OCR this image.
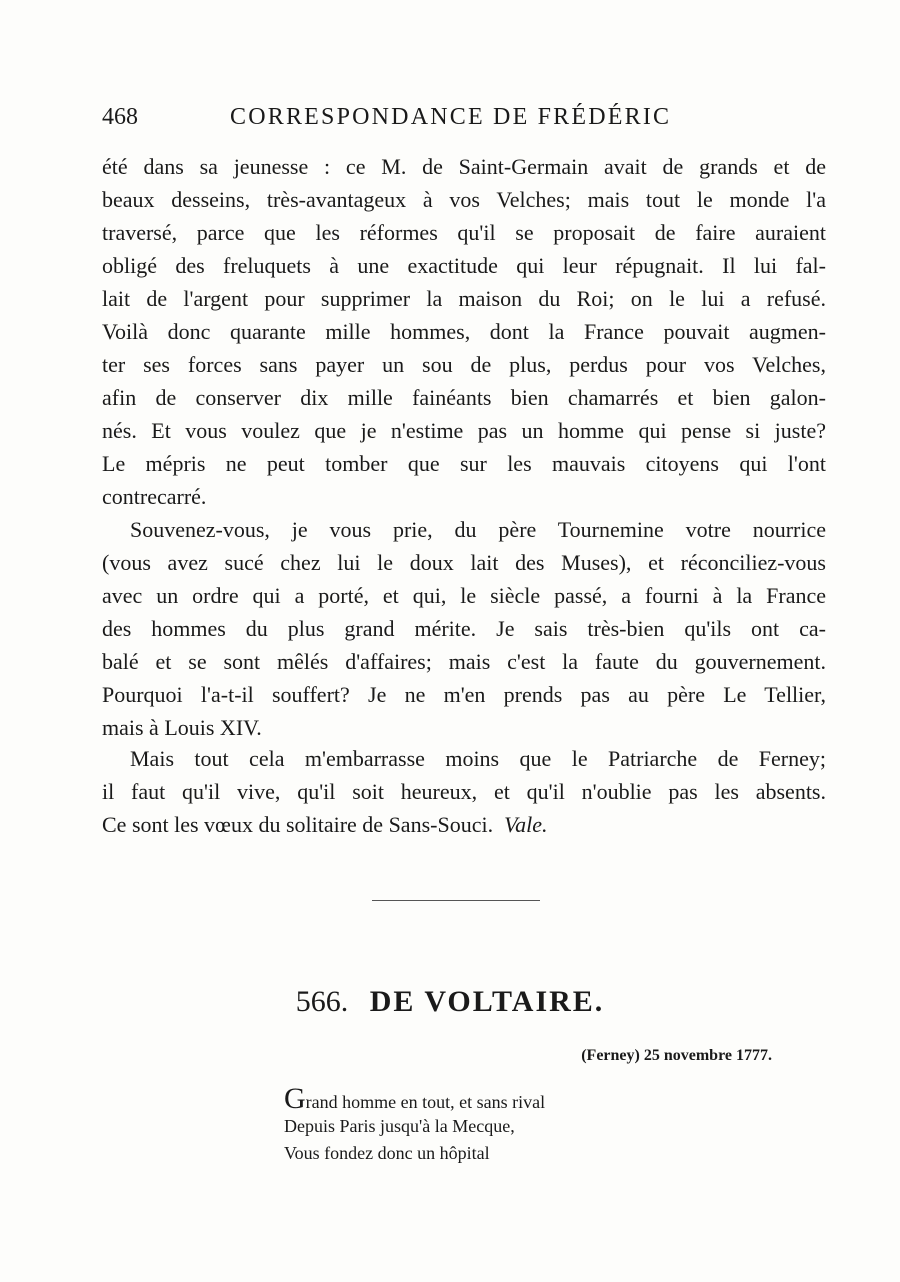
468	CORRESPONDANCE DE FRÉDÉRIC
été dans sa jeunesse : ce M. de Saint-Germain avait de grands et de
beaux desseins, très-avantageux à vos Velches; mais tout le monde l'a
traversé, parce que les réformes qu'il se proposait de faire auraient
obligé des freluquets à une exactitude qui leur répugnait. Il lui fal-
lait de l'argent pour supprimer la maison du Roi; on le lui a refusé.
Voilà donc quarante mille hommes, dont la France pouvait augmen-
ter ses forces sans payer un sou de plus, perdus pour vos Velches,
afin de conserver dix mille fainéants bien chamarrés et bien galon-
nés. Et vous voulez que je n'estime pas un homme qui pense si juste?
Le mépris ne peut tomber que sur les mauvais citoyens qui l'ont
contrecarré.
Souvenez-vous, je vous prie, du père Tournemine votre nourrice
(vous avez sucé chez lui le doux lait des Muses), et réconciliez-vous
avec un ordre qui a porté, et qui, le siècle passé, a fourni à la France
des hommes du plus grand mérite. Je sais très-bien qu'ils ont ca-
balé et se sont mêlés d'affaires; mais c'est la faute du gouvernement.
Pourquoi l'a-t-il souffert? Je ne m'en prends pas au père Le Tellier,
mais à Louis XIV.
Mais tout cela m'embarrasse moins que le Patriarche de Ferney;
il faut qu'il vive, qu'il soit heureux, et qu'il n'oublie pas les absents.
Ce sont les vœux du solitaire de Sans-Souci.  Vale.
566. DE VOLTAIRE.
(Ferney) 25 novembre 1777.
Grand homme en tout, et sans rival
Depuis Paris jusqu'à la Mecque,
Vous fondez donc un hôpital
